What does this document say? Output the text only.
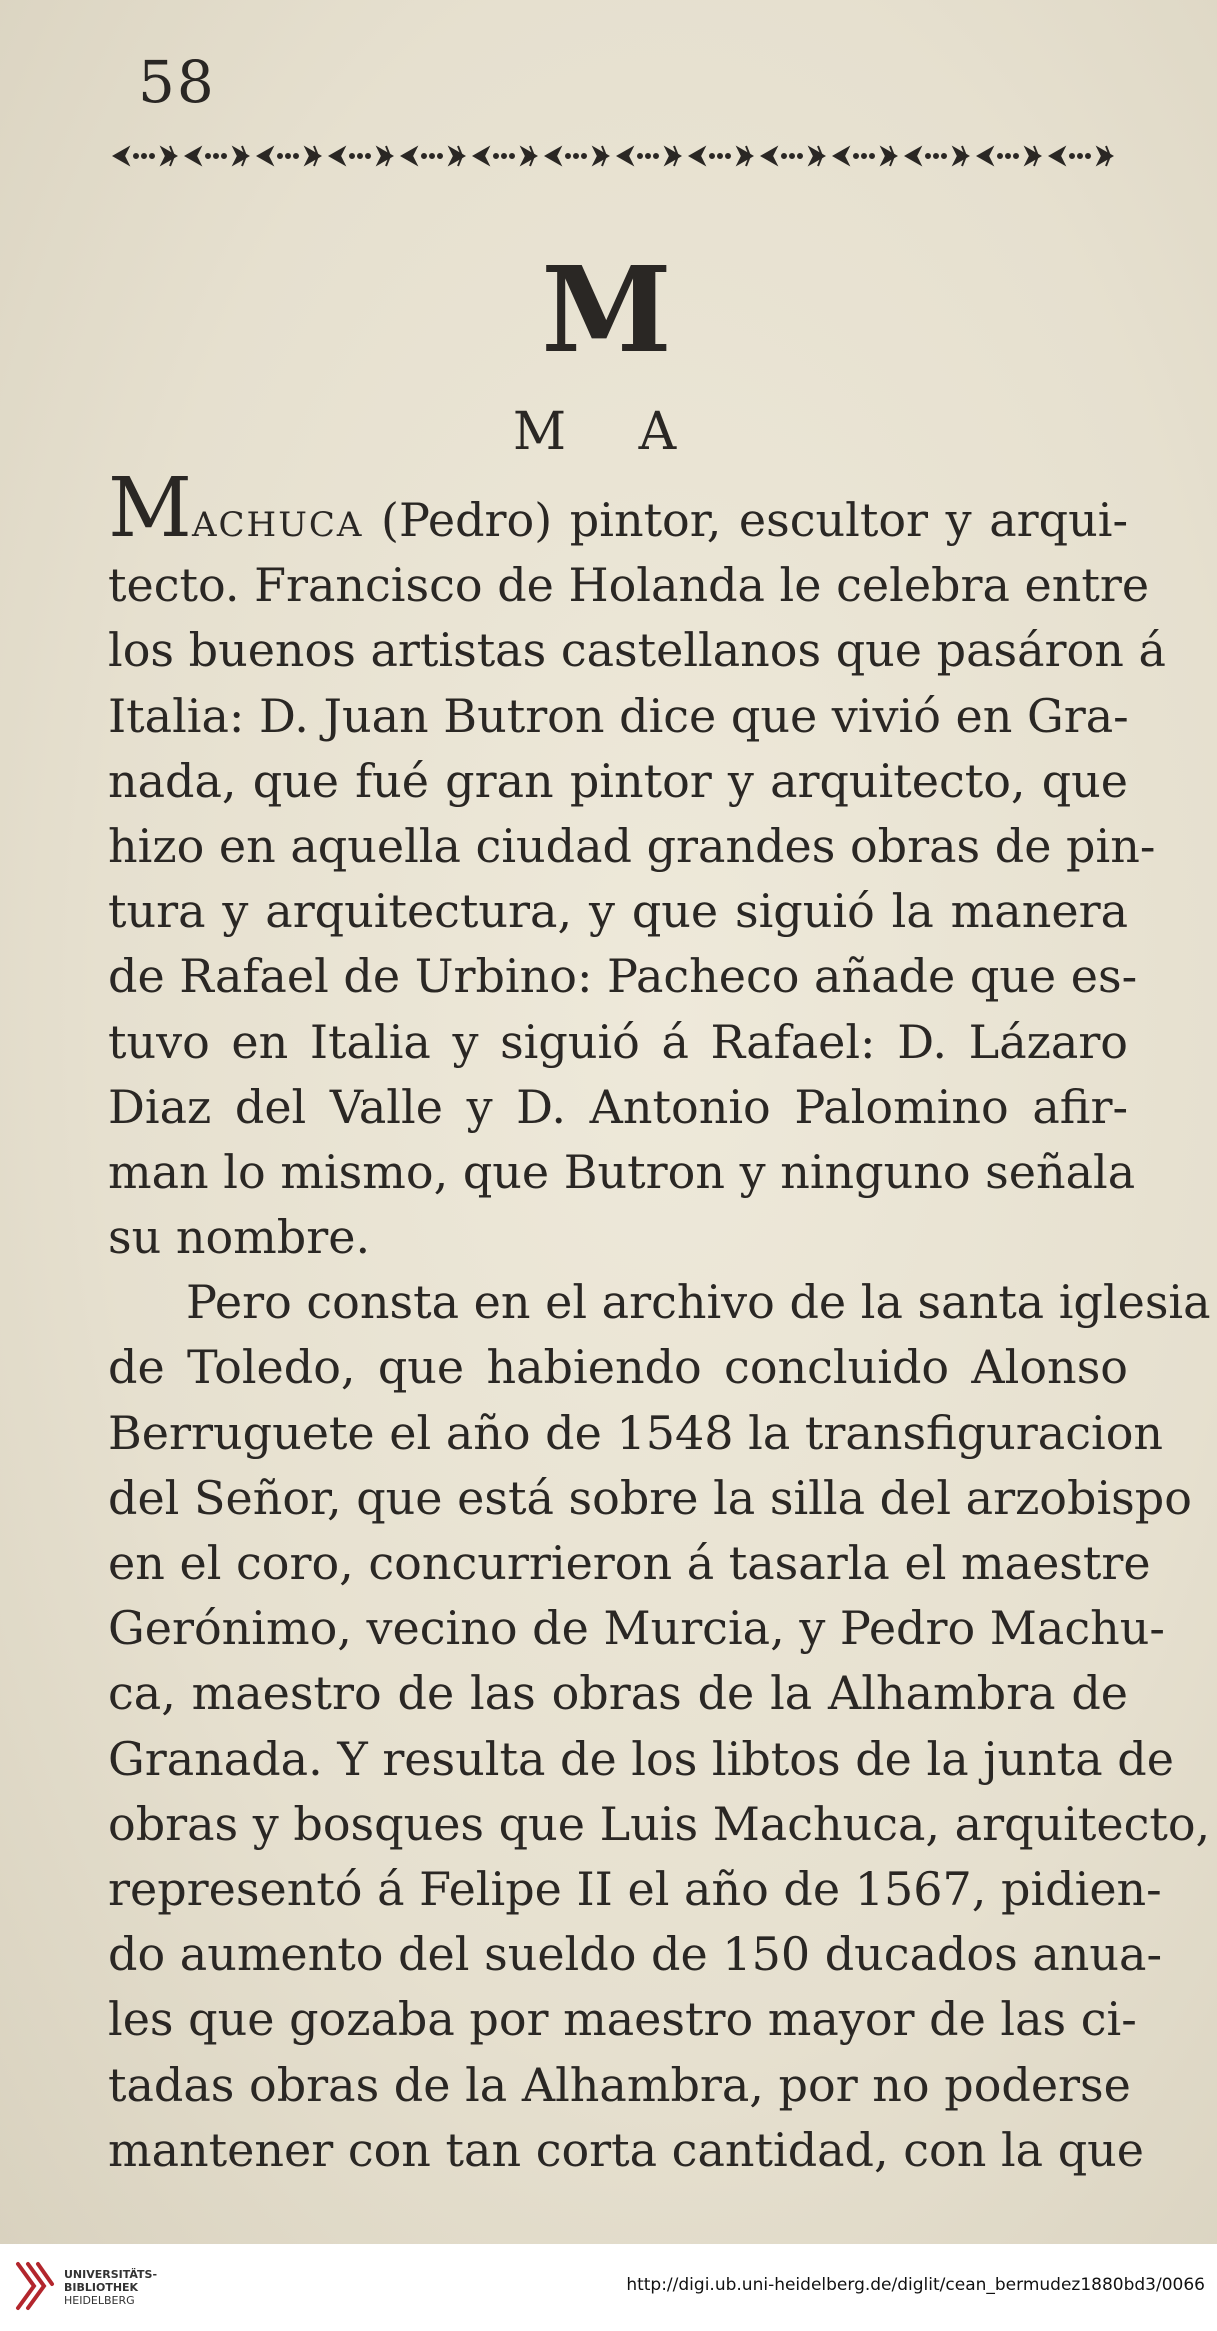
58
M
M A
MACHUCA (Pedro) pintor, escultor y arqui-
tecto. Francisco de Holanda le celebra entre
los buenos artistas castellanos que pasáron á
Italia: D. Juan Butron dice que vivió en Gra-
nada, que fué gran pintor y arquitecto, que
hizo en aquella ciudad grandes obras de pin-
tura y arquitectura, y que siguió la manera
de Rafael de Urbino: Pacheco añade que es-
tuvo en Italia y siguió á Rafael: D. Lázaro
Diaz del Valle y D. Antonio Palomino afir-
man lo mismo, que Butron y ninguno señala
su nombre.
Pero consta en el archivo de la santa iglesia
de Toledo, que habiendo concluido Alonso
Berruguete el año de 1548 la transfiguracion
del Señor, que está sobre la silla del arzobispo
en el coro, concurrieron á tasarla el maestre
Gerónimo, vecino de Murcia, y Pedro Machu-
ca, maestro de las obras de la Alhambra de
Granada. Y resulta de los libtos de la junta de
obras y bosques que Luis Machuca, arquitecto,
representó á Felipe II el año de 1567, pidien-
do aumento del sueldo de 150 ducados anua-
les que gozaba por maestro mayor de las ci-
tadas obras de la Alhambra, por no poderse
mantener con tan corta cantidad, con la que
UNIVERSITÄTS-
BIBLIOTHEK
HEIDELBERG
http://digi.ub.uni-heidelberg.de/diglit/cean_bermudez1880bd3/0066
